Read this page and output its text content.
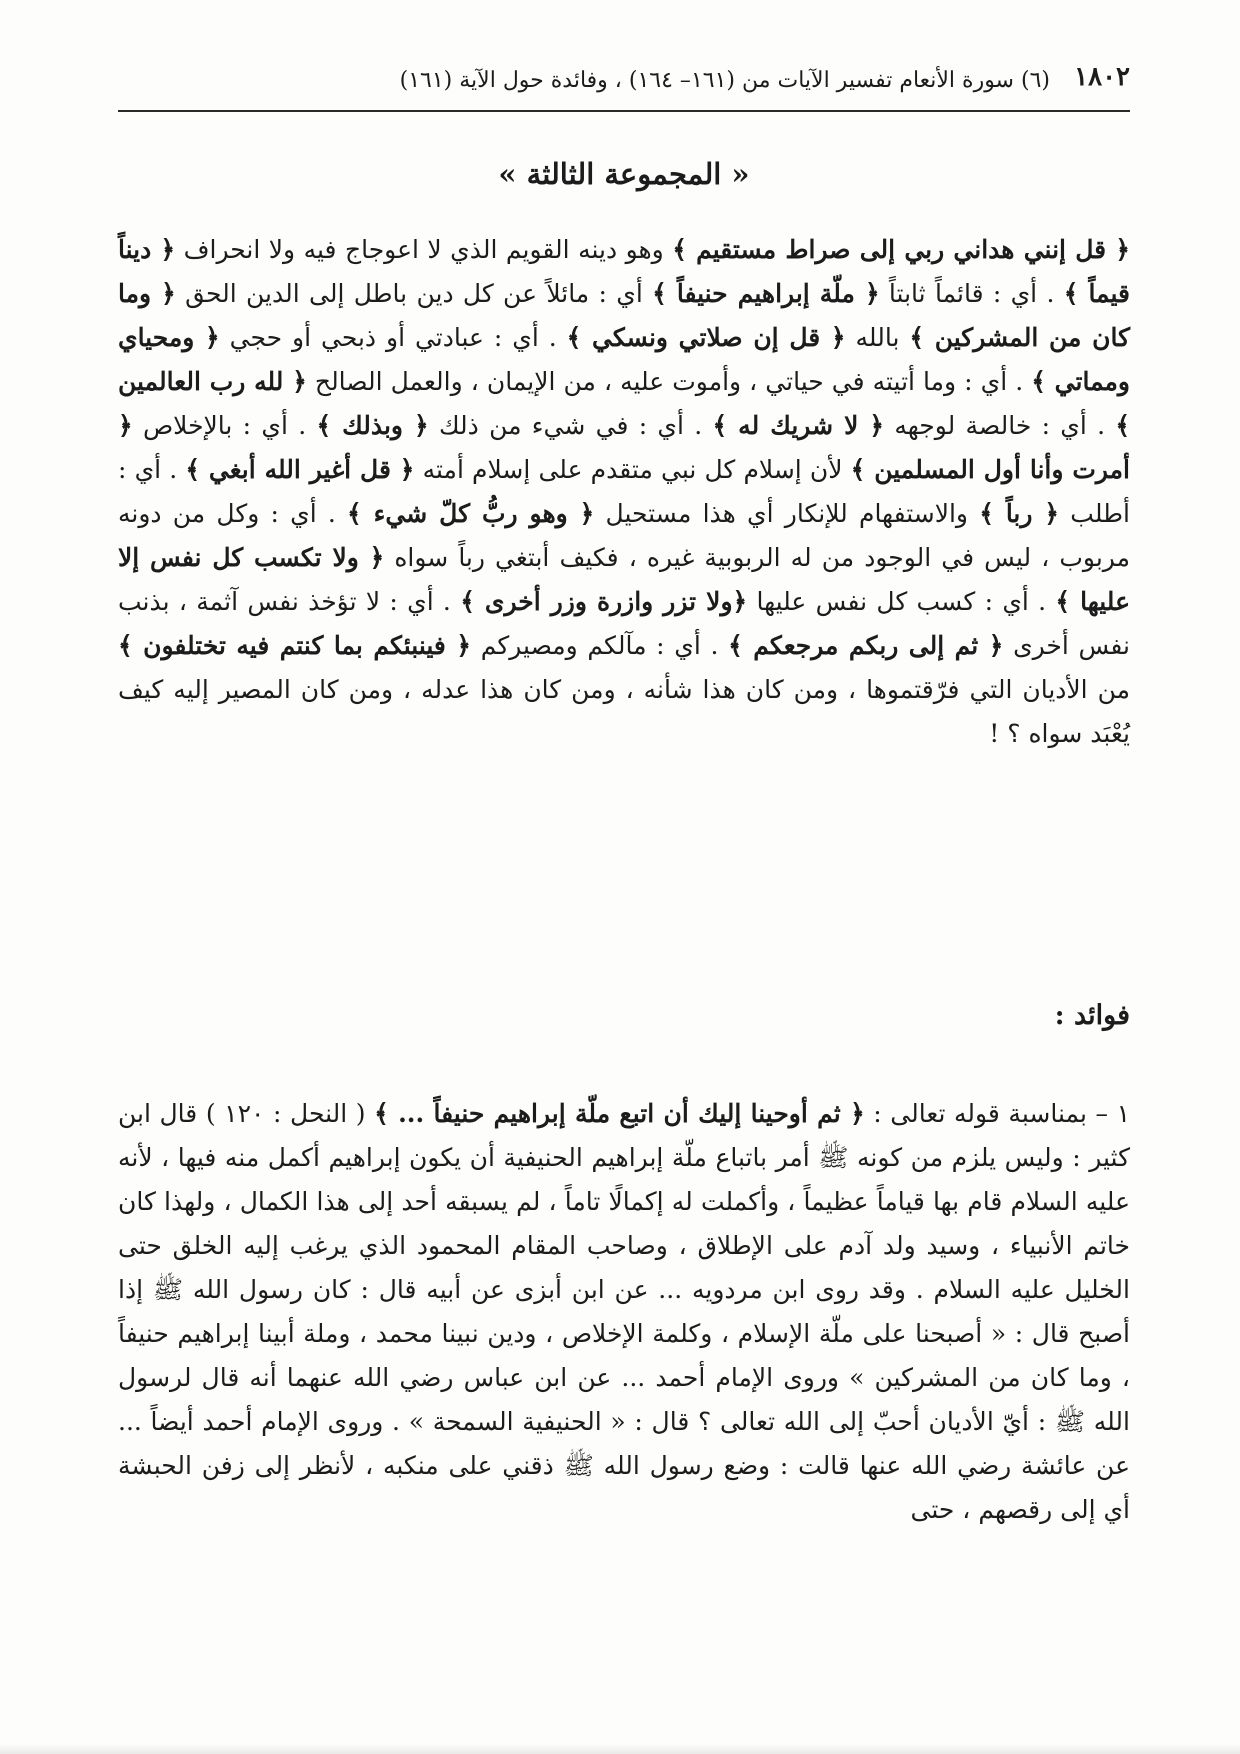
١٨٠٢
(٦) سورة الأنعام تفسير الآيات من (١٦١– ١٦٤) ، وفائدة حول الآية (١٦١)
« المجموعة الثالثة »
﴿ قل إنني هداني ربي إلى صراط مستقيم ﴾ وهو دينه القويم الذي لا اعوجاج فيه ولا انحراف ﴿ ديناً قيماً ﴾ . أي : قائماً ثابتاً ﴿ ملّة إبراهيم حنيفاً ﴾ أي : مائلاً عن كل دين باطل إلى الدين الحق ﴿ وما كان من المشركين ﴾ بالله ﴿ قل إن صلاتي ونسكي ﴾ . أي : عبادتي أو ذبحي أو حجي ﴿ ومحياي ومماتي ﴾ . أي : وما أتيته في حياتي ، وأموت عليه ، من الإيمان ، والعمل الصالح ﴿ لله رب العالمين ﴾ . أي : خالصة لوجهه ﴿ لا شريك له ﴾ . أي : في شيء من ذلك ﴿ وبذلك ﴾ . أي : بالإخلاص ﴿ أمرت وأنا أول المسلمين ﴾ لأن إسلام كل نبي متقدم على إسلام أمته ﴿ قل أغير الله أبغي ﴾ . أي : أطلب ﴿ رباً ﴾ والاستفهام للإنكار أي هذا مستحيل ﴿ وهو ربُّ كلّ شيء ﴾ . أي : وكل من دونه مربوب ، ليس في الوجود من له الربوبية غيره ، فكيف أبتغي رباً سواه ﴿ ولا تكسب كل نفس إلا عليها ﴾ . أي : كسب كل نفس عليها ﴿ولا تزر وازرة وزر أخرى ﴾ . أي : لا تؤخذ نفس آثمة ، بذنب نفس أخرى ﴿ ثم إلى ربكم مرجعكم ﴾ . أي : مآلكم ومصيركم ﴿ فينبئكم بما كنتم فيه تختلفون ﴾ من الأديان التي فرّقتموها ، ومن كان هذا شأنه ، ومن كان هذا عدله ، ومن كان المصير إليه كيف يُعْبَد سواه ؟ !
فوائد :
١ – بمناسبة قوله تعالى : ﴿ ثم أوحينا إليك أن اتبع ملّة إبراهيم حنيفاً ... ﴾ ( النحل : ١٢٠ ) قال ابن كثير : وليس يلزم من كونه ﷺ أمر باتباع ملّة إبراهيم الحنيفية أن يكون إبراهيم أكمل منه فيها ، لأنه عليه السلام قام بها قياماً عظيماً ، وأكملت له إكمالًا تاماً ، لم يسبقه أحد إلى هذا الكمال ، ولهذا كان خاتم الأنبياء ، وسيد ولد آدم على الإطلاق ، وصاحب المقام المحمود الذي يرغب إليه الخلق حتى الخليل عليه السلام . وقد روى ابن مردويه ... عن ابن أبزى عن أبيه قال : كان رسول الله ﷺ إذا أصبح قال : « أصبحنا على ملّة الإسلام ، وكلمة الإخلاص ، ودين نبينا محمد ، وملة أبينا إبراهيم حنيفاً ، وما كان من المشركين » وروى الإمام أحمد ... عن ابن عباس رضي الله عنهما أنه قال لرسول الله ﷺ : أيّ الأديان أحبّ إلى الله تعالى ؟ قال : « الحنيفية السمحة » . وروى الإمام أحمد أيضاً ... عن عائشة رضي الله عنها قالت : وضع رسول الله ﷺ ذقني على منكبه ، لأنظر إلى زفن الحبشة أي إلى رقصهم ، حتى
